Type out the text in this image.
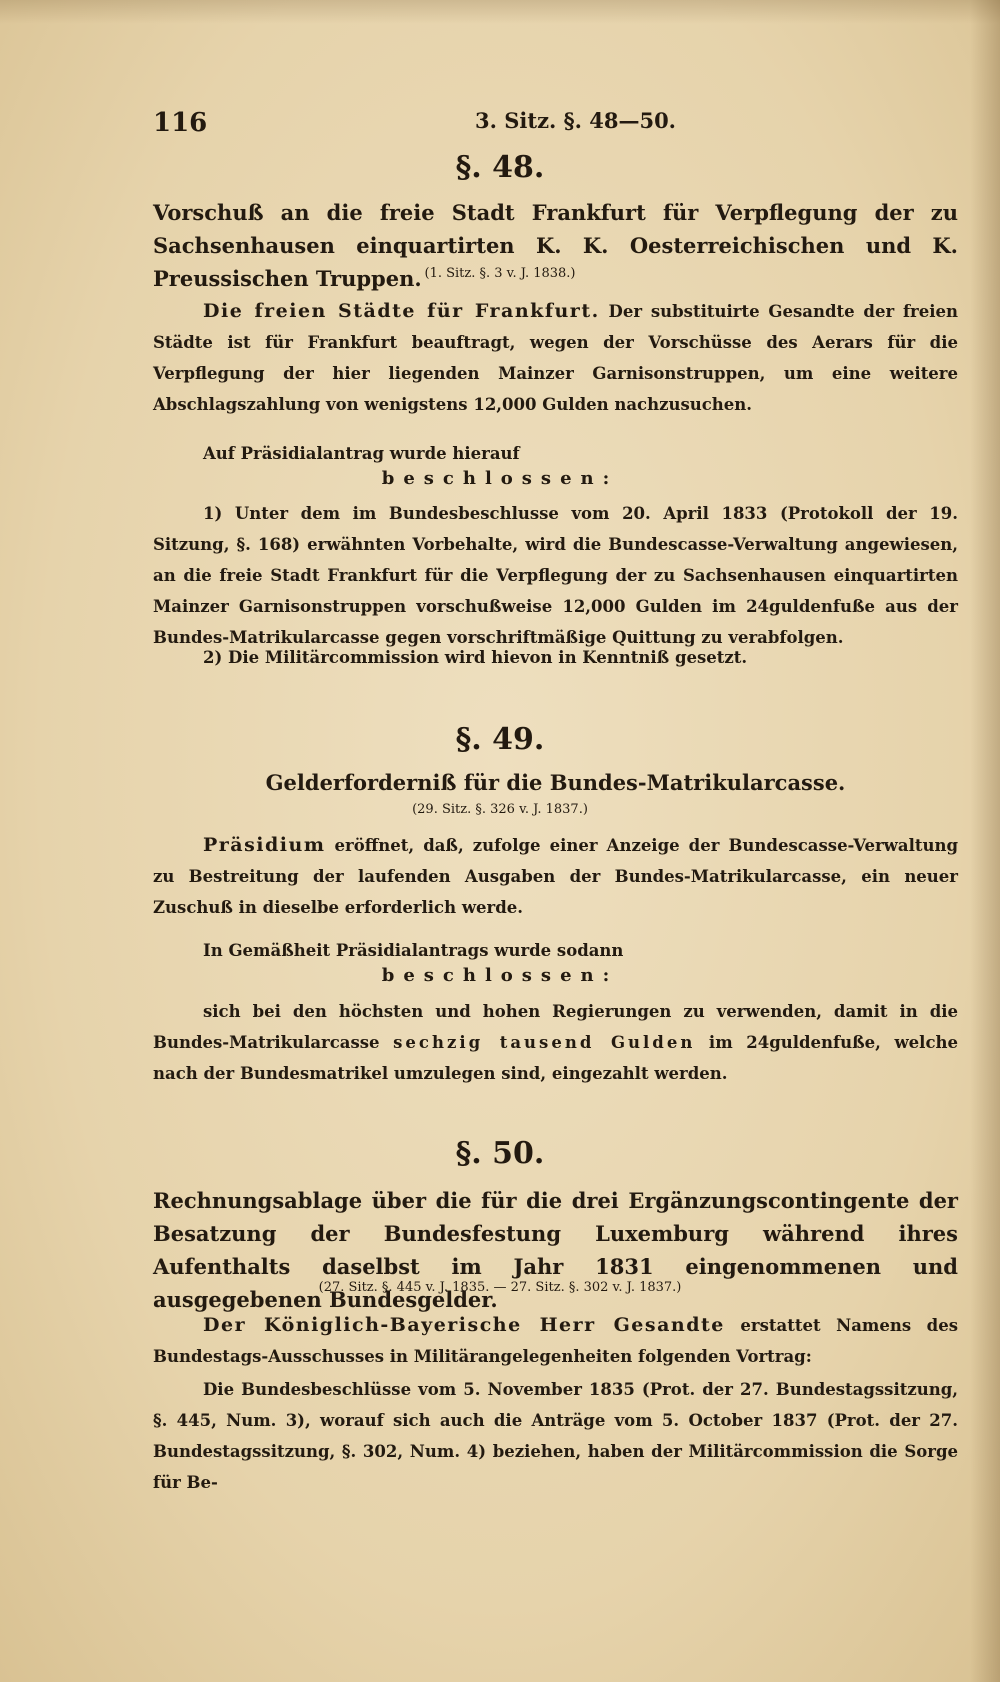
116	3. Sitz. §. 48—50.
§. 48.
Vorschuß an die freie Stadt Frankfurt für Verpflegung der zu Sachsenhausen einquartirten K. K. Oesterreichischen und K. Preussischen Truppen. (1. Sitz. §. 3 v. J. 1838.)

Die freien Städte für Frankfurt. Der substituirte Gesandte der freien Städte ist für Frankfurt beauftragt, wegen der Vorschüsse des Aerars für die Verpflegung der hier liegenden Mainzer Garnisonstruppen, um eine weitere Abschlagszahlung von wenigstens 12,000 Gulden nachzusuchen.

Auf Präsidialantrag wurde hierauf

beschlossen:

1) Unter dem im Bundesbeschlusse vom 20. April 1833 (Protokoll der 19. Sitzung, §. 168) erwähnten Vorbehalte, wird die Bundescasse-Verwaltung angewiesen, an die freie Stadt Frankfurt für die Verpflegung der zu Sachsenhausen einquartirten Mainzer Garnisonstruppen vorschußweise 12,000 Gulden im 24guldenfuße aus der Bundes-Matrikularcasse gegen vorschriftmäßige Quittung zu verabfolgen.

2) Die Militärcommission wird hievon in Kenntniß gesetzt.

§. 49.
Gelderforderniß für die Bundes-Matrikularcasse.
(29. Sitz. §. 326 v. J. 1837.)

Präsidium eröffnet, daß, zufolge einer Anzeige der Bundescasse-Verwaltung zu Bestreitung der laufenden Ausgaben der Bundes-Matrikularcasse, ein neuer Zuschuß in dieselbe erforderlich werde.

In Gemäßheit Präsidialantrags wurde sodann

beschlossen:

sich bei den höchsten und hohen Regierungen zu verwenden, damit in die Bundes-Matrikularcasse sechzig tausend Gulden im 24guldenfuße, welche nach der Bundesmatrikel umzulegen sind, eingezahlt werden.

§. 50.
Rechnungsablage über die für die drei Ergänzungscontingente der Besatzung der Bundesfestung Luxemburg während ihres Aufenthalts daselbst im Jahr 1831 eingenommenen und ausgegebenen Bundesgelder.
(27. Sitz. §. 445 v. J. 1835. — 27. Sitz. §. 302 v. J. 1837.)

Der Königlich-Bayerische Herr Gesandte erstattet Namens des Bundestags-Ausschusses in Militärangelegenheiten folgenden Vortrag:

Die Bundesbeschlüsse vom 5. November 1835 (Prot. der 27. Bundestagssitzung, §. 445, Num. 3), worauf sich auch die Anträge vom 5. October 1837 (Prot. der 27. Bundestagssitzung, §. 302, Num. 4) beziehen, haben der Militärcommission die Sorge für Be-
